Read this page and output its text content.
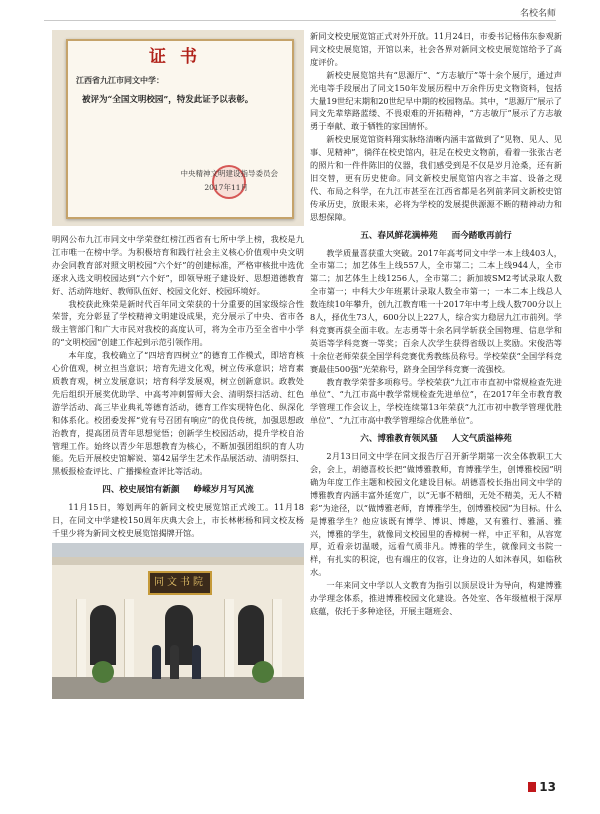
名校名师
证书
江西省九江市同文中学：
被评为“全国文明校园”，特发此证予以表彰。
中央精神文明建设指导委员会
2017年11月

明网公布九江市同文中学荣登红榜江西省有七所中学上榜，我校是九江市唯一在榜中学。为积极培育和践行社会主义核心价值观中央文明办会同教育部对照文明校园“六个好”的创建标准，严格审核批中选优逐求入选文明校园达到“六个好”，即领导班子建设好、思想道德教育好、活动阵地好、教师队伍好、校园文化好、校园环境好。

我校获此殊荣是新时代百年同文荣获的十分重要的国家级综合性荣誉，充分彰显了学校精神文明建设成果，充分展示了中央、省市各级主管部门和广大市民对我校的高度认可，将为全市乃至全省中小学的“文明校园”创建工作起到示范引领作用。

本年度，我校确立了“四培育四树立”的德育工作模式，即培育核心价值观，树立担当意识；培育先进文化观，树立传承意识；培育素质教育观，树立发展意识；培育科学发展观，树立创新意识。政教处先后组织开展奖优助学、中高考冲刺誓师大会、清明祭扫活动、红色游学活动、高三毕业典礼等德育活动，德育工作实现特色化、纵深化和体系化。校团委发挥“党有号召团有响应”的优良传统，加强思想政治教育，提高团员青年思想觉悟；创新学生校园活动，提升学校自治管理工作。始终以青少年思想教育为核心，不断加强团组织的育人功能。先后开展校史馆解说、第42届学生艺术作品展活动、清明祭扫、黑板报检查评比、广播操检查评比等活动。

四、校史展馆有新颜 峥嵘岁月写风流

11月15日，筹划两年的新同文校史展览馆正式竣工。11月18日，在同文中学建校150周年庆典大会上，市长林彬杨和同文校友杨千里少将为新同文校史展览馆揭牌开馆。

同文书院

新同文校史展览馆正式对外开放。11月24日，市委书记杨伟东参观新同文校史展览馆，开馆以来，社会各界对新同文校史展览馆给予了高度评价。

新校史展览馆共有“思源厅”、“方志敏厅”等十余个展厅，通过声光电等手段展出了同文150年发展历程中万余件历史文物资料，包括大量19世纪末期和20世纪早中期的校园物品。其中，“思源厅”展示了同文先辈筚路蓝缕、不畏艰难的开拓精神，“方志敏厅”展示了方志敏勇于奉献、敢于牺牲的家国情怀。

新校史展览馆资料翔实脉络清晰内涵丰富做到了“见物、见人、见事、见精神”，徜徉在校史馆内，驻足在校史文物前，看着一张张古老的照片和一件件陈旧的仪器，我们感受到是不仅是岁月沧桑，还有新旧交替，更有历史使命。同文新校史展览馆内容之丰富、设备之现代、布局之科学，在九江市甚至在江西省都是名列前茅同文新校史馆传承历史，放眼未来，必将为学校的发展提供源源不断的精神动力和思想保障。

五、春风鲜花满棒苑 而今踏歌再前行

教学质量喜获重大突破。2017年高考同文中学一本上线403人，全市第二；加艺体生上线557人，全市第二；二本上线944人，全市第二；加艺体生上线1256人，全市第二；新加坡SM2考试录取人数全市第一；中科大少年班累计录取人数全市第一；一本二本上线总人数连续10年攀升，创九江教育唯一十2017年中考上线人数700分以上8人，择优生73人，600分以上227人，综合实力稳居九江市前列。学科竞赛再获全面丰收。左志勇等十余名同学斩获全国物理、信息学和英语等学科竞赛一等奖；百余人次学生获得省级以上奖励。宋俊浩等十余位老师荣获全国学科竞赛优秀教练员称号。学校荣获“全国学科竞赛最佳500强”光荣称号，跻身全国学科竞赛一流强校。

教育教学荣誉多项称号。学校荣获“九江市市直初中常规检查先进单位”、“九江市高中教学常规检查先进单位”，在2017年全市教育教学管理工作会议上，学校连续第13年荣获“九江市初中教学管理优胜单位”、“九江市高中教学管理综合优胜单位”。

六、博雅教育领风骚 人文气质溢棒苑

2月13日同文中学在同文报告厅召开新学期第一次全体教职工大会，会上，胡德喜校长把“做博雅教师，育博雅学生，创博雅校园”明确为年度工作主题和校园文化建设目标。胡德喜校长指出同文中学的博雅教育内涵丰富外延宽广，以“无事不精细，无处不精美，无人不精彩”为途径，以“做博雅老师，育博雅学生，创博雅校园”为目标。什么是博雅学生？他应该既有博学、博识、博趣，又有雅行、雅涵、雅兴，博雅的学生，就像同文校园里的香樟树一样，中正平和，从容宽厚，近看亲切温暖，远看气质非凡。博雅的学生，就像同文书院一样，有扎实的积淀，也有端庄的仪容，让身边的人如沐春风，如临秋水。

一年来同文中学以人文教育为指引以顶层设计为导向，构建博雅办学理念体系，推进博雅校园文化建设。各处室、各年级植根于深厚底蕴，依托于多种途径，开展主题班会、

13
